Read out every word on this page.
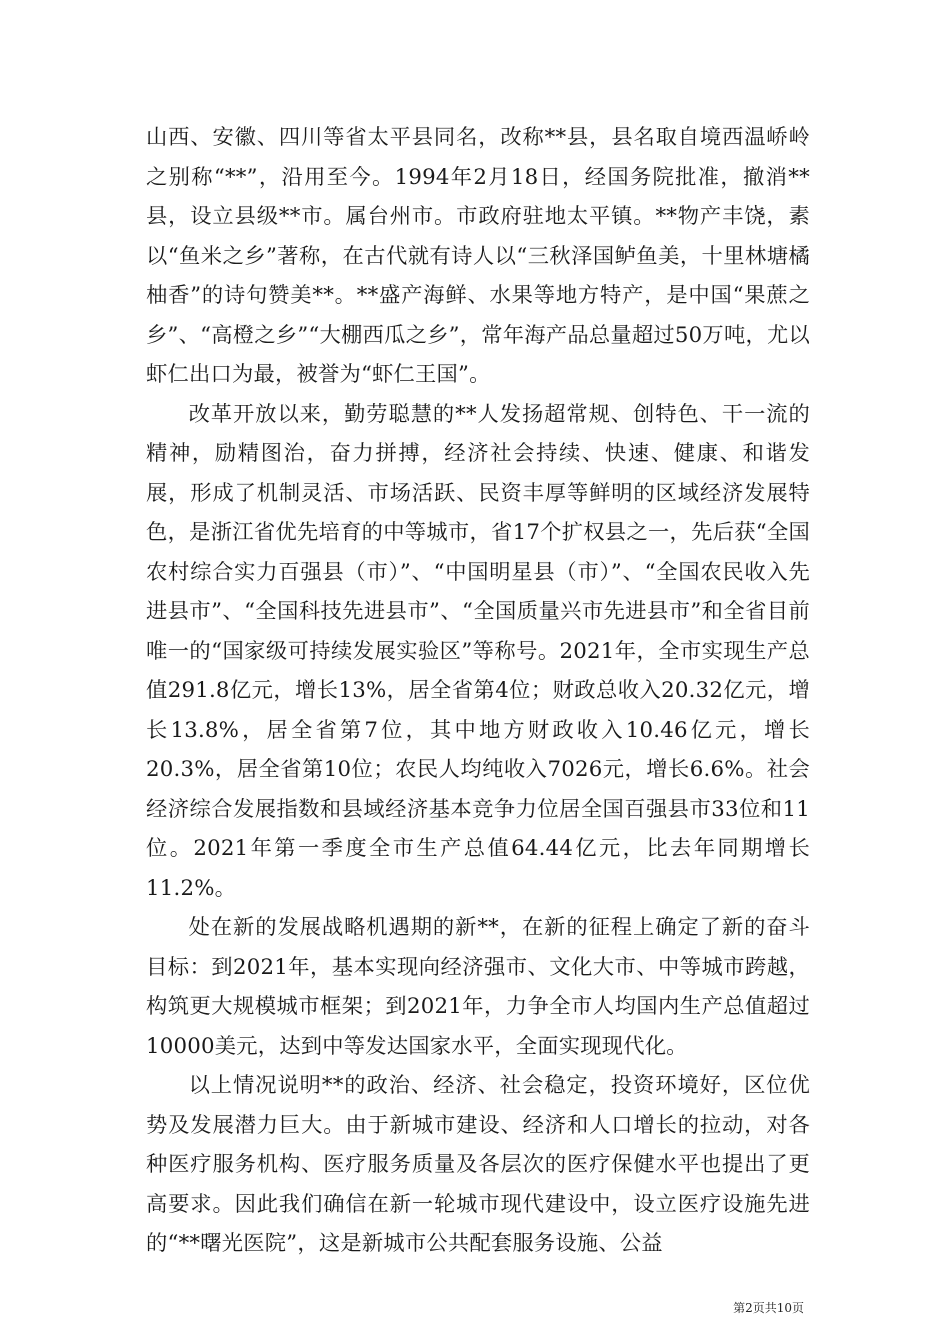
山西、安徽、四川等省太平县同名，改称**县，县名取自境西温峤岭之别称“**”，沿用至今。1994年2月18日，经国务院批准，撤消**县，设立县级**市。属台州市。市政府驻地太平镇。**物产丰饶，素以“鱼米之乡”著称，在古代就有诗人以“三秋泽国鲈鱼美，十里林塘橘柚香”的诗句赞美**。**盛产海鲜、水果等地方特产，是中国“果蔗之乡”、“高橙之乡”“大棚西瓜之乡”，常年海产品总量超过50万吨，尤以虾仁出口为最，被誉为“虾仁王国”。

改革开放以来，勤劳聪慧的**人发扬超常规、创特色、干一流的精神，励精图治，奋力拼搏，经济社会持续、快速、健康、和谐发展，形成了机制灵活、市场活跃、民资丰厚等鲜明的区域经济发展特色，是浙江省优先培育的中等城市，省17个扩权县之一，先后获“全国农村综合实力百强县（市）”、“中国明星县（市）”、“全国农民收入先进县市”、“全国科技先进县市”、“全国质量兴市先进县市”和全省目前唯一的“国家级可持续发展实验区”等称号。2021年，全市实现生产总值291.8亿元，增长13%，居全省第4位；财政总收入20.32亿元，增长13.8%，居全省第7位，其中地方财政收入10.46亿元，增长20.3%，居全省第10位；农民人均纯收入7026元，增长6.6%。社会经济综合发展指数和县域经济基本竞争力位居全国百强县市33位和11位。2021年第一季度全市生产总值64.44亿元，比去年同期增长11.2%。

处在新的发展战略机遇期的新**，在新的征程上确定了新的奋斗目标：到2021年，基本实现向经济强市、文化大市、中等城市跨越，构筑更大规模城市框架；到2021年，力争全市人均国内生产总值超过10000美元，达到中等发达国家水平，全面实现现代化。

以上情况说明**的政治、经济、社会稳定，投资环境好，区位优势及发展潜力巨大。由于新城市建设、经济和人口增长的拉动，对各种医疗服务机构、医疗服务质量及各层次的医疗保健水平也提出了更高要求。因此我们确信在新一轮城市现代建设中，设立医疗设施先进的“**曙光医院”，这是新城市公共配套服务设施、公益

第2页共10页
